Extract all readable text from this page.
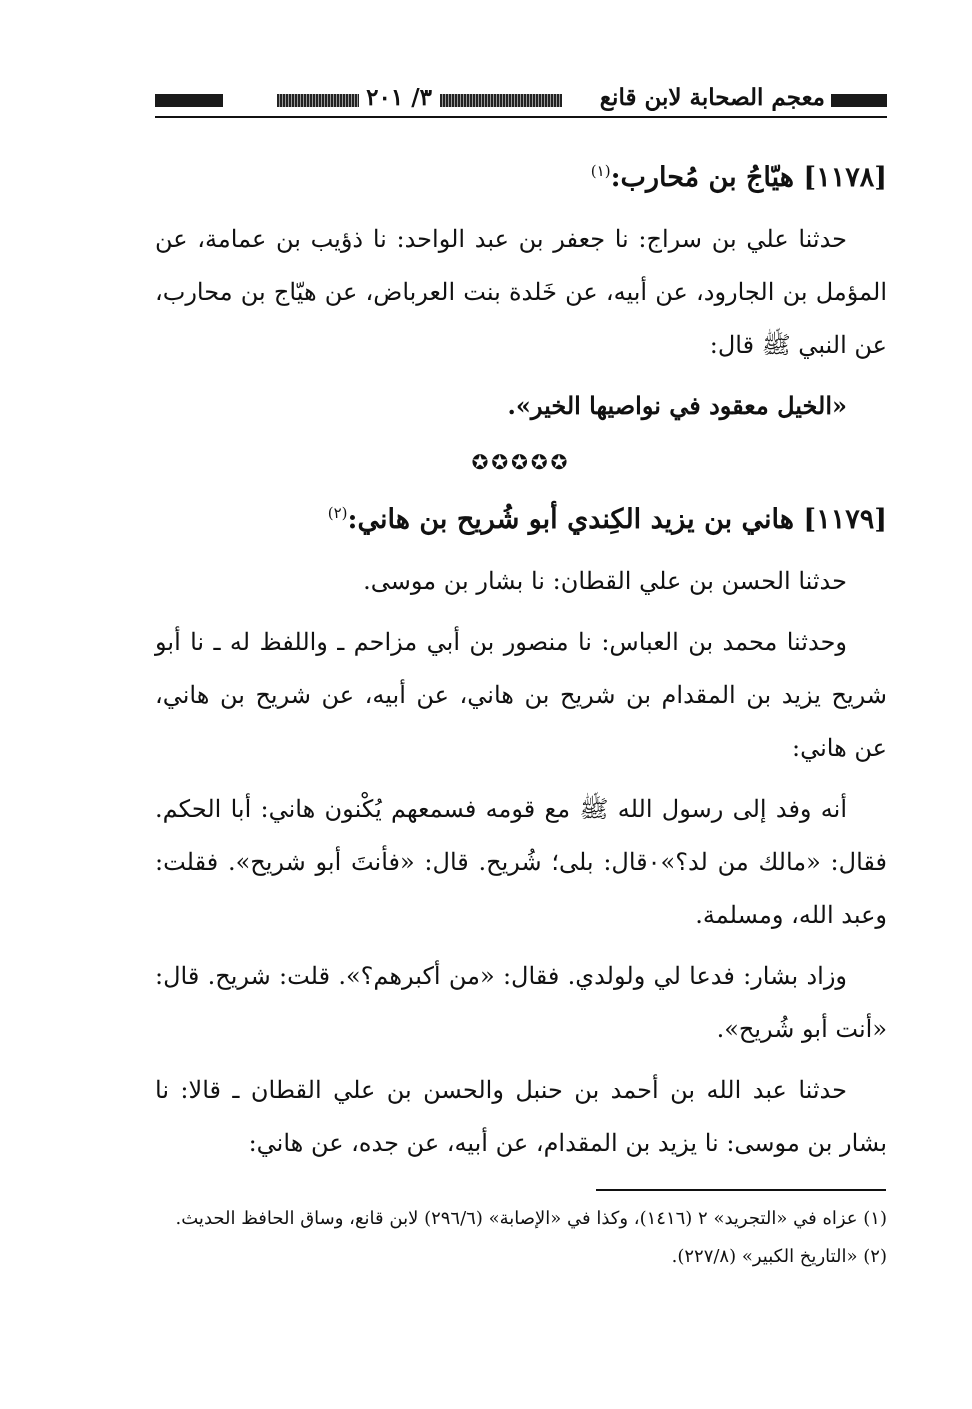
معجم الصحابة لابن قانع
٣/ ٢٠١
[١١٧٨] هيّاجُ بن مُحارب:$^{(١)}$

حدثنا علي بن سراج: نا جعفر بن عبد الواحد: نا ذؤيب بن عمامة، عن المؤمل بن الجارود، عن أبيه، عن خَلدة بنت العرباض، عن هيّاج بن محارب، عن النبي ﷺ قال:

«الخيل معقود في نواصيها الخير».

✪✪✪✪✪
[١١٧٩] هاني بن يزيد الكِندي أبو شُريح بن هاني:$^{(٢)}$

حدثنا الحسن بن علي القطان: نا بشار بن موسى.

وحدثنا محمد بن العباس: نا منصور بن أبي مزاحم ـ واللفظ له ـ نا أبو شريح يزيد بن المقدام بن شريح بن هاني، عن أبيه، عن شريح بن هاني، عن هاني:

أنه وفد إلى رسول الله ﷺ مع قومه فسمعهم يُكْنون هاني: أبا الحكم. فقال: «مالك من لد؟»٠قال: بلى؛ شُريح. قال: «فأنتَ أبو شريح». فقلت: وعبد الله، ومسلمة.

وزاد بشار: فدعا لي ولولدي. فقال: «من أكبرهم؟». قلت: شريح. قال: «أنت أبو شُريح».

حدثنا عبد الله بن أحمد بن حنبل والحسن بن علي القطان ـ قالا: نا بشار بن موسى: نا يزيد بن المقدام، عن أبيه، عن جده، عن هاني:

(١) عزاه في «التجريد» ٢ (١٤١٦)، وكذا في «الإصابة» (٢٩٦/٦) لابن قانع، وساق الحافظ الحديث.

(٢) «التاريخ الكبير» (٢٢٧/٨).
